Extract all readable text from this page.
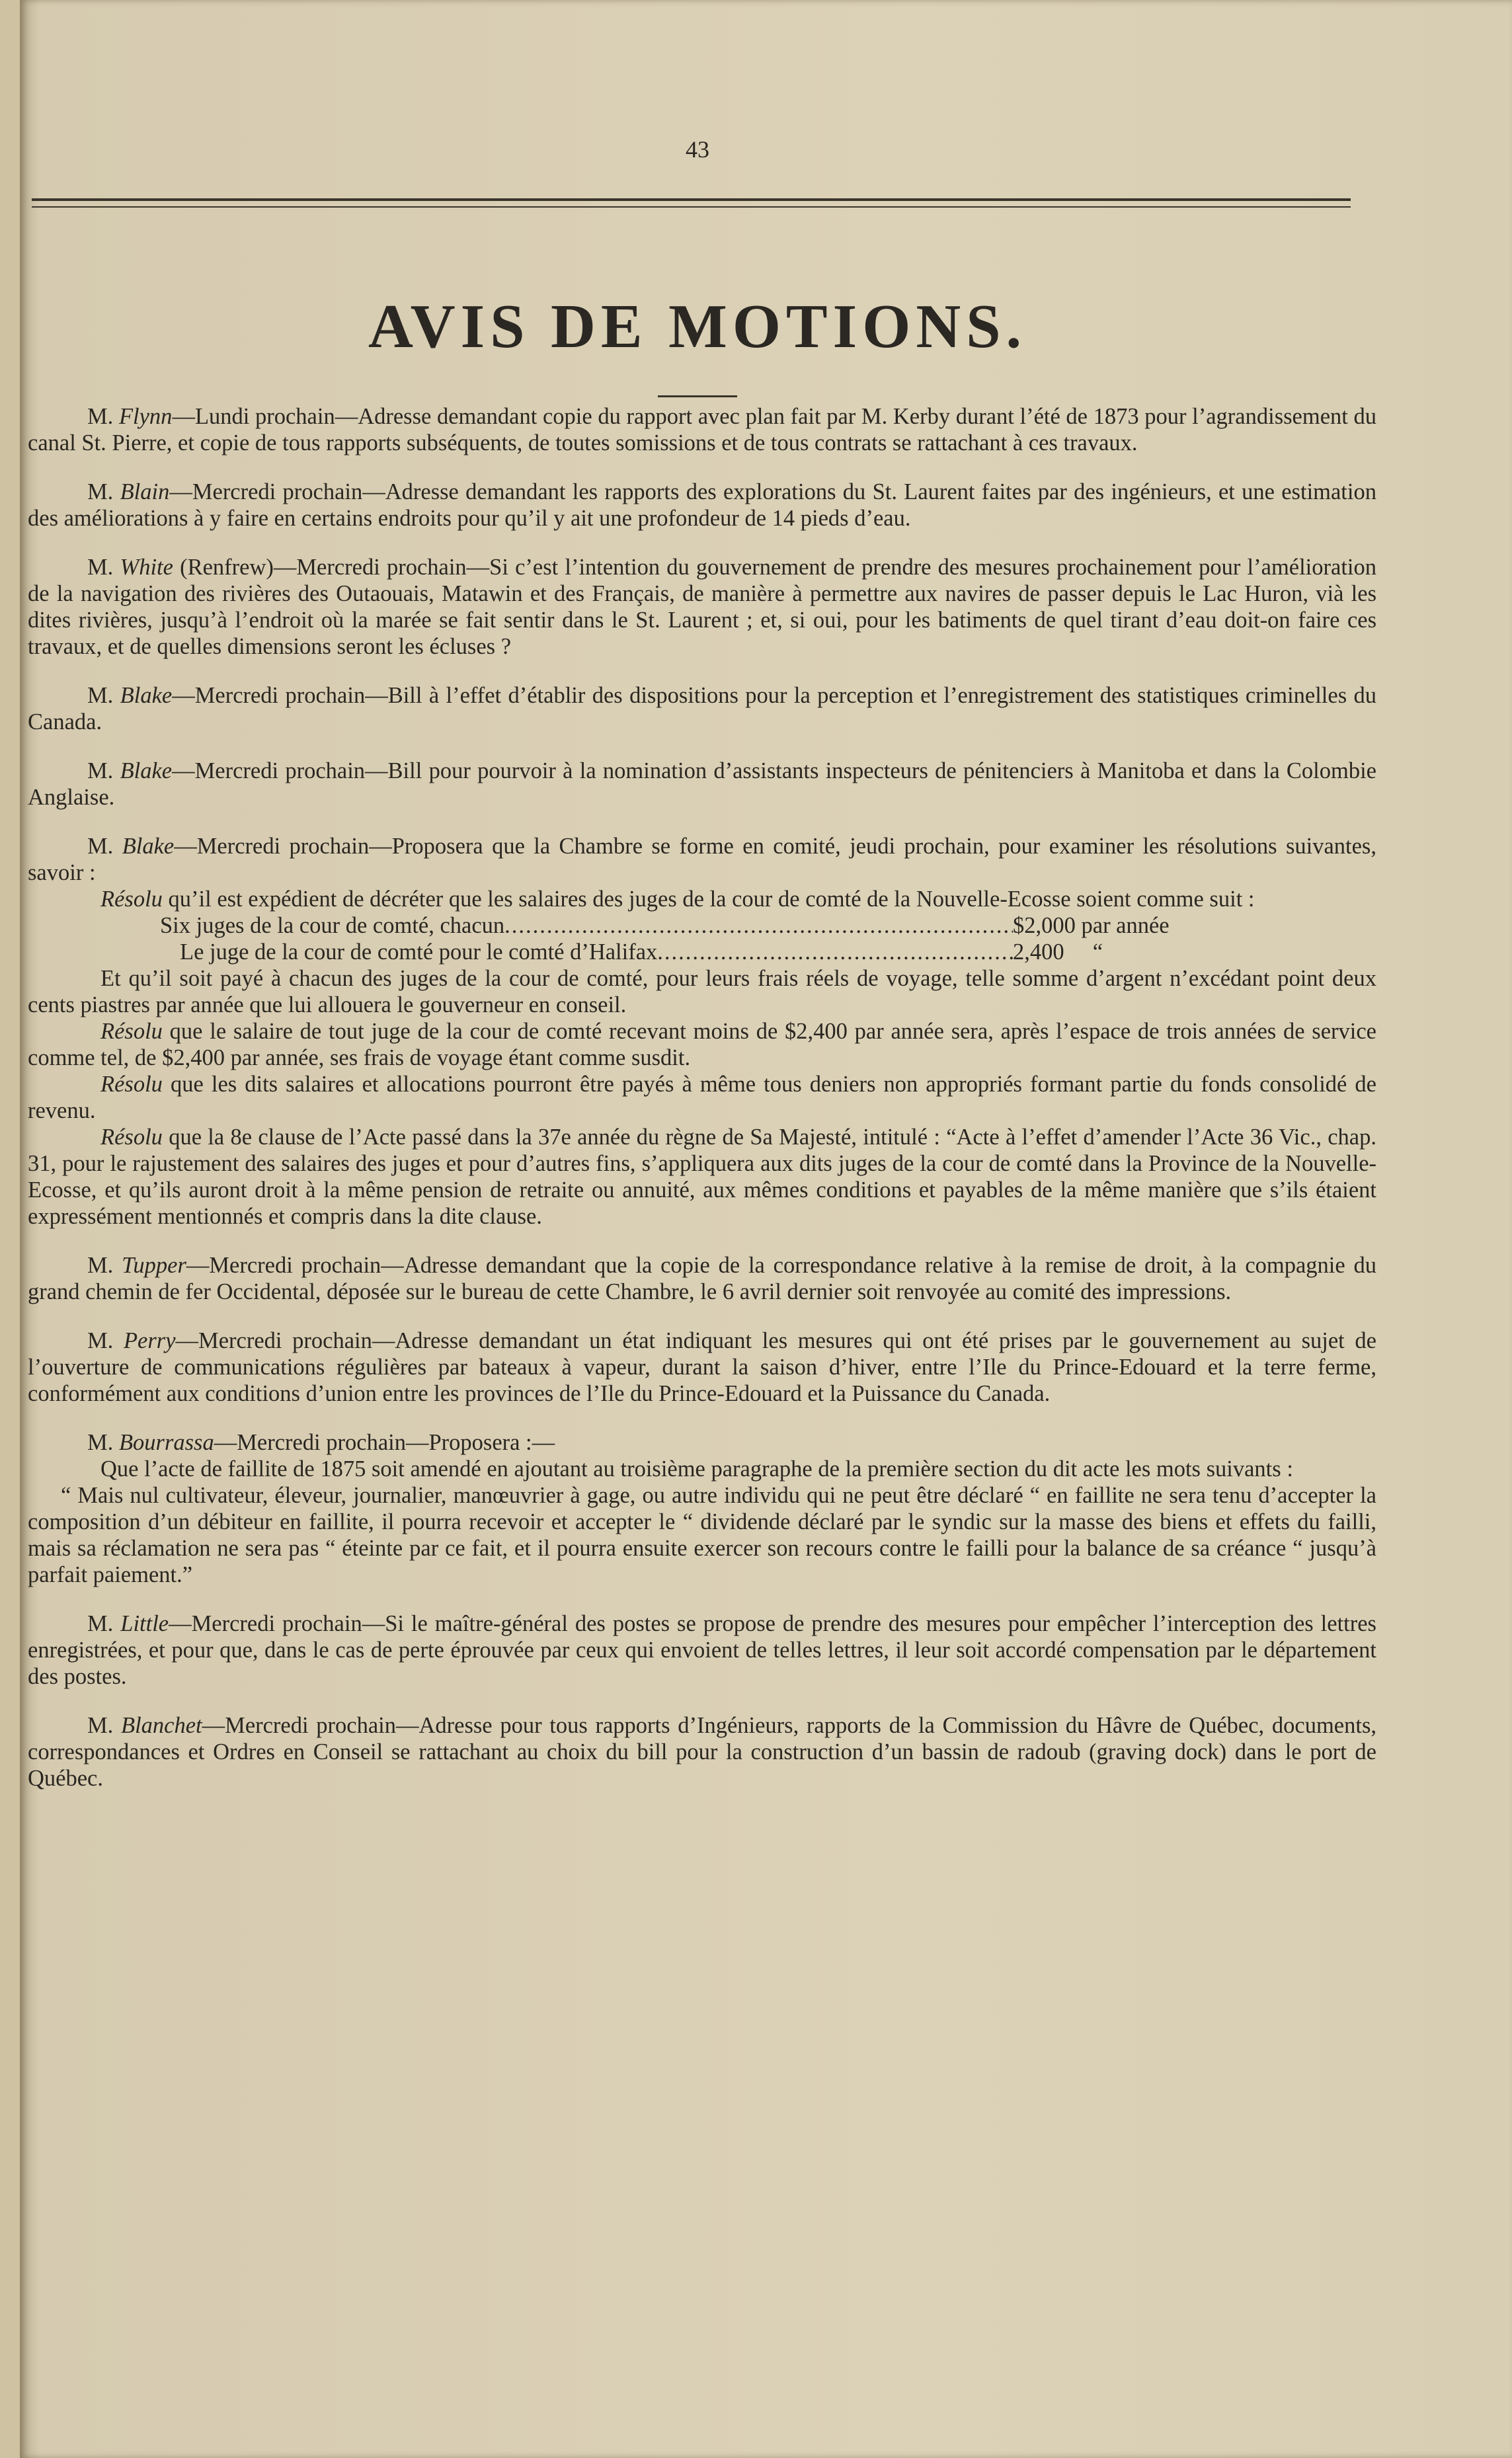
43
AVIS DE MOTIONS.

M. Flynn—Lundi prochain—Adresse demandant copie du rapport avec plan fait par M. Kerby durant l’été de 1873 pour l’agrandissement du canal St. Pierre, et copie de tous rapports subséquents, de toutes somissions et de tous contrats se rattachant à ces travaux.

M. Blain—Mercredi prochain—Adresse demandant les rapports des explorations du St. Laurent faites par des ingénieurs, et une estimation des améliorations à y faire en certains endroits pour qu’il y ait une profondeur de 14 pieds d’eau.

M. White (Renfrew)—Mercredi prochain—Si c’est l’intention du gouvernement de prendre des mesures prochainement pour l’amélioration de la navigation des rivières des Outaouais, Matawin et des Français, de manière à permettre aux navires de passer depuis le Lac Huron, vià les dites rivières, jusqu’à l’endroit où la marée se fait sentir dans le St. Laurent ; et, si oui, pour les batiments de quel tirant d’eau doit-on faire ces travaux, et de quelles dimensions seront les écluses ?

M. Blake—Mercredi prochain—Bill à l’effet d’établir des dispositions pour la perception et l’enregistrement des statistiques criminelles du Canada.

M. Blake—Mercredi prochain—Bill pour pourvoir à la nomination d’assistants inspecteurs de pénitenciers à Manitoba et dans la Colombie Anglaise.

M. Blake—Mercredi prochain—Proposera que la Chambre se forme en comité, jeudi prochain, pour examiner les résolutions suivantes, savoir :

Résolu qu’il est expédient de décréter que les salaires des juges de la cour de comté de la Nouvelle-Ecosse soient comme suit :

Six juges de la cour de comté, chacun .....	$2,000 par année
Le juge de la cour de comté pour le comté d’Halifax .....	2,400     “

Et qu’il soit payé à chacun des juges de la cour de comté, pour leurs frais réels de voyage, telle somme d’argent n’excédant point deux cents piastres par année que lui allouera le gouverneur en conseil.

Résolu que le salaire de tout juge de la cour de comté recevant moins de $2,400 par année sera, après l’espace de trois années de service comme tel, de $2,400 par année, ses frais de voyage étant comme susdit.

Résolu que les dits salaires et allocations pourront être payés à même tous deniers non appropriés formant partie du fonds consolidé de revenu.

Résolu que la 8e clause de l’Acte passé dans la 37e année du règne de Sa Majesté, intitulé : “Acte à l’effet d’amender l’Acte 36 Vic., chap. 31, pour le rajustement des salaires des juges et pour d’autres fins, s’appliquera aux dits juges de la cour de comté dans la Province de la Nouvelle-Ecosse, et qu’ils auront droit à la même pension de retraite ou annuité, aux mêmes conditions et payables de la même manière que s’ils étaient expressément mentionnés et compris dans la dite clause.

M. Tupper—Mercredi prochain—Adresse demandant que la copie de la correspondance relative à la remise de droit, à la compagnie du grand chemin de fer Occidental, déposée sur le bureau de cette Chambre, le 6 avril dernier soit renvoyée au comité des impressions.

M. Perry—Mercredi prochain—Adresse demandant un état indiquant les mesures qui ont été prises par le gouvernement au sujet de l’ouverture de communications régulières par bateaux à vapeur, durant la saison d’hiver, entre l’Ile du Prince-Edouard et la terre ferme, conformément aux conditions d’union entre les provinces de l’Ile du Prince-Edouard et la Puissance du Canada.

M. Bourrassa—Mercredi prochain—Proposera :—

Que l’acte de faillite de 1875 soit amendé en ajoutant au troisième paragraphe de la première section du dit acte les mots suivants :

“ Mais nul cultivateur, éleveur, journalier, manœuvrier à gage, ou autre individu qui ne peut être déclaré “ en faillite ne sera tenu d’accepter la composition d’un débiteur en faillite, il pourra recevoir et accepter le “ dividende déclaré par le syndic sur la masse des biens et effets du failli, mais sa réclamation ne sera pas “ éteinte par ce fait, et il pourra ensuite exercer son recours contre le failli pour la balance de sa créance “ jusqu’à parfait paiement.”

M. Little—Mercredi prochain—Si le maître-général des postes se propose de prendre des mesures pour empêcher l’interception des lettres enregistrées, et pour que, dans le cas de perte éprouvée par ceux qui envoient de telles lettres, il leur soit accordé compensation par le département des postes.

M. Blanchet—Mercredi prochain—Adresse pour tous rapports d’Ingénieurs, rapports de la Commission du Hâvre de Québec, documents, correspondances et Ordres en Conseil se rattachant au choix du bill pour la construction d’un bassin de radoub (graving dock) dans le port de Québec.
